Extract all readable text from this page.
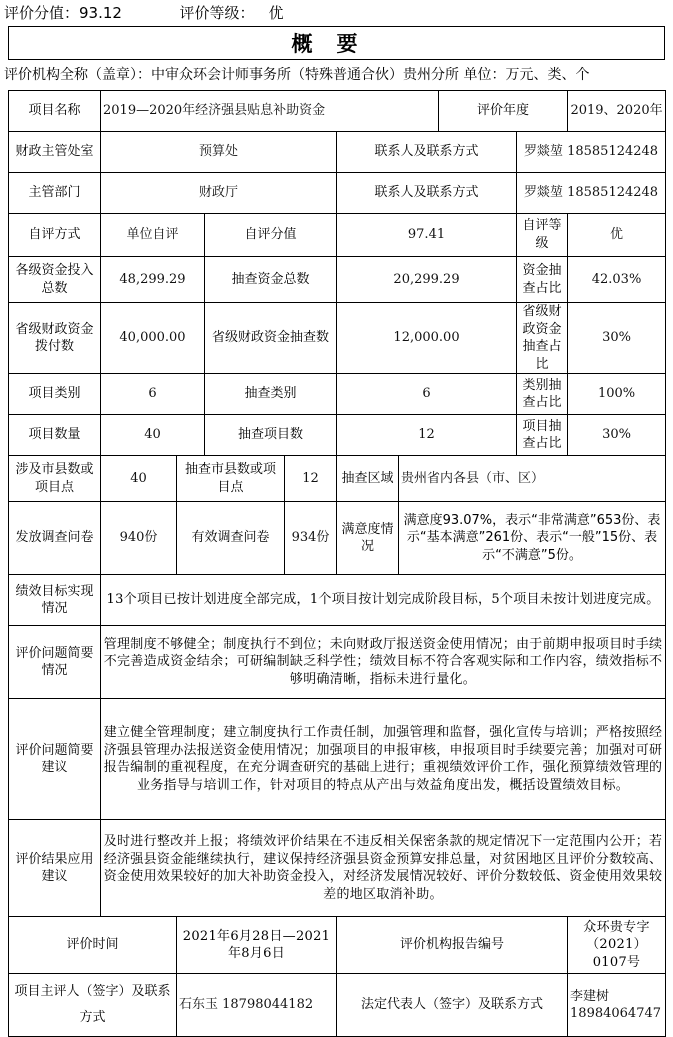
评价分值：93.12	评价等级： 优
概要
评价机构全称（盖章）：中审众环会计师事务所（特殊普通合伙）贵州分所 单位：万元、类、个
项目名称	2019—2020年经济强县贴息补助资金						评价年度		2019、2020年
财政主管处室	预算处				联系人及联系方式			罗燚堃 18585124248	
主管部门	财政厅				联系人及联系方式			罗燚堃 18585124248	
自评方式	单位自评		自评分值		97.41			自评等级	优
各级资金投入总数	48,299.29		抽查资金总数		20,299.29			资金抽查占比	42.03%
省级财政资金拨付数	40,000.00		省级财政资金抽查数		12,000.00			省级财政资金抽查占比	30%
项目类别	6		抽查类别		6			类别抽查占比	100%
项目数量	40		抽查项目数		12			项目抽查占比	30%
涉及市县数或项目点	40	抽查市县数或项目点		12	抽查区域	贵州省内各县（市、区）			
发放调查问卷	940份	有效调查问卷		934份	满意度情况	满意度93.07%，表示“非常满意”653份、表示“基本满意”261份、表示“一般”15份、表示“不满意”5份。			
绩效目标实现情况	13个项目已按计划进度全部完成，1个项目按计划完成阶段目标，5个项目未按计划进度完成。								
评价问题简要情况	管理制度不够健全；制度执行不到位；未向财政厅报送资金使用情况；由于前期申报项目时手续不完善造成资金结余；可研编制缺乏科学性；绩效目标不符合客观实际和工作内容，绩效指标不够明确清晰，指标未进行量化。								
评价问题简要建议	建立健全管理制度；建立制度执行工作责任制，加强管理和监督，强化宣传与培训；严格按照经济强县管理办法报送资金使用情况；加强项目的申报审核，申报项目时手续要完善；加强对可研报告编制的重视程度，在充分调查研究的基础上进行；重视绩效评价工作，强化预算绩效管理的业务指导与培训工作，针对项目的特点从产出与效益角度出发，概括设置绩效目标。								
评价结果应用建议	及时进行整改并上报；将绩效评价结果在不违反相关保密条款的规定情况下一定范围内公开；若经济强县资金能继续执行，建议保持经济强县资金预算安排总量，对贫困地区且评价分数较高、资金使用效果较好的加大补助资金投入，对经济发展情况较好、评价分数较低、资金使用效果较差的地区取消补助。								
评价时间		2021年6月28日—2021年8月6日			评价机构报告编号				众环贵专字（2021）0107号
项目主评人（签字）及联系方式		石东玉 18798044182			法定代表人（签字）及联系方式				李建树 18984064747
